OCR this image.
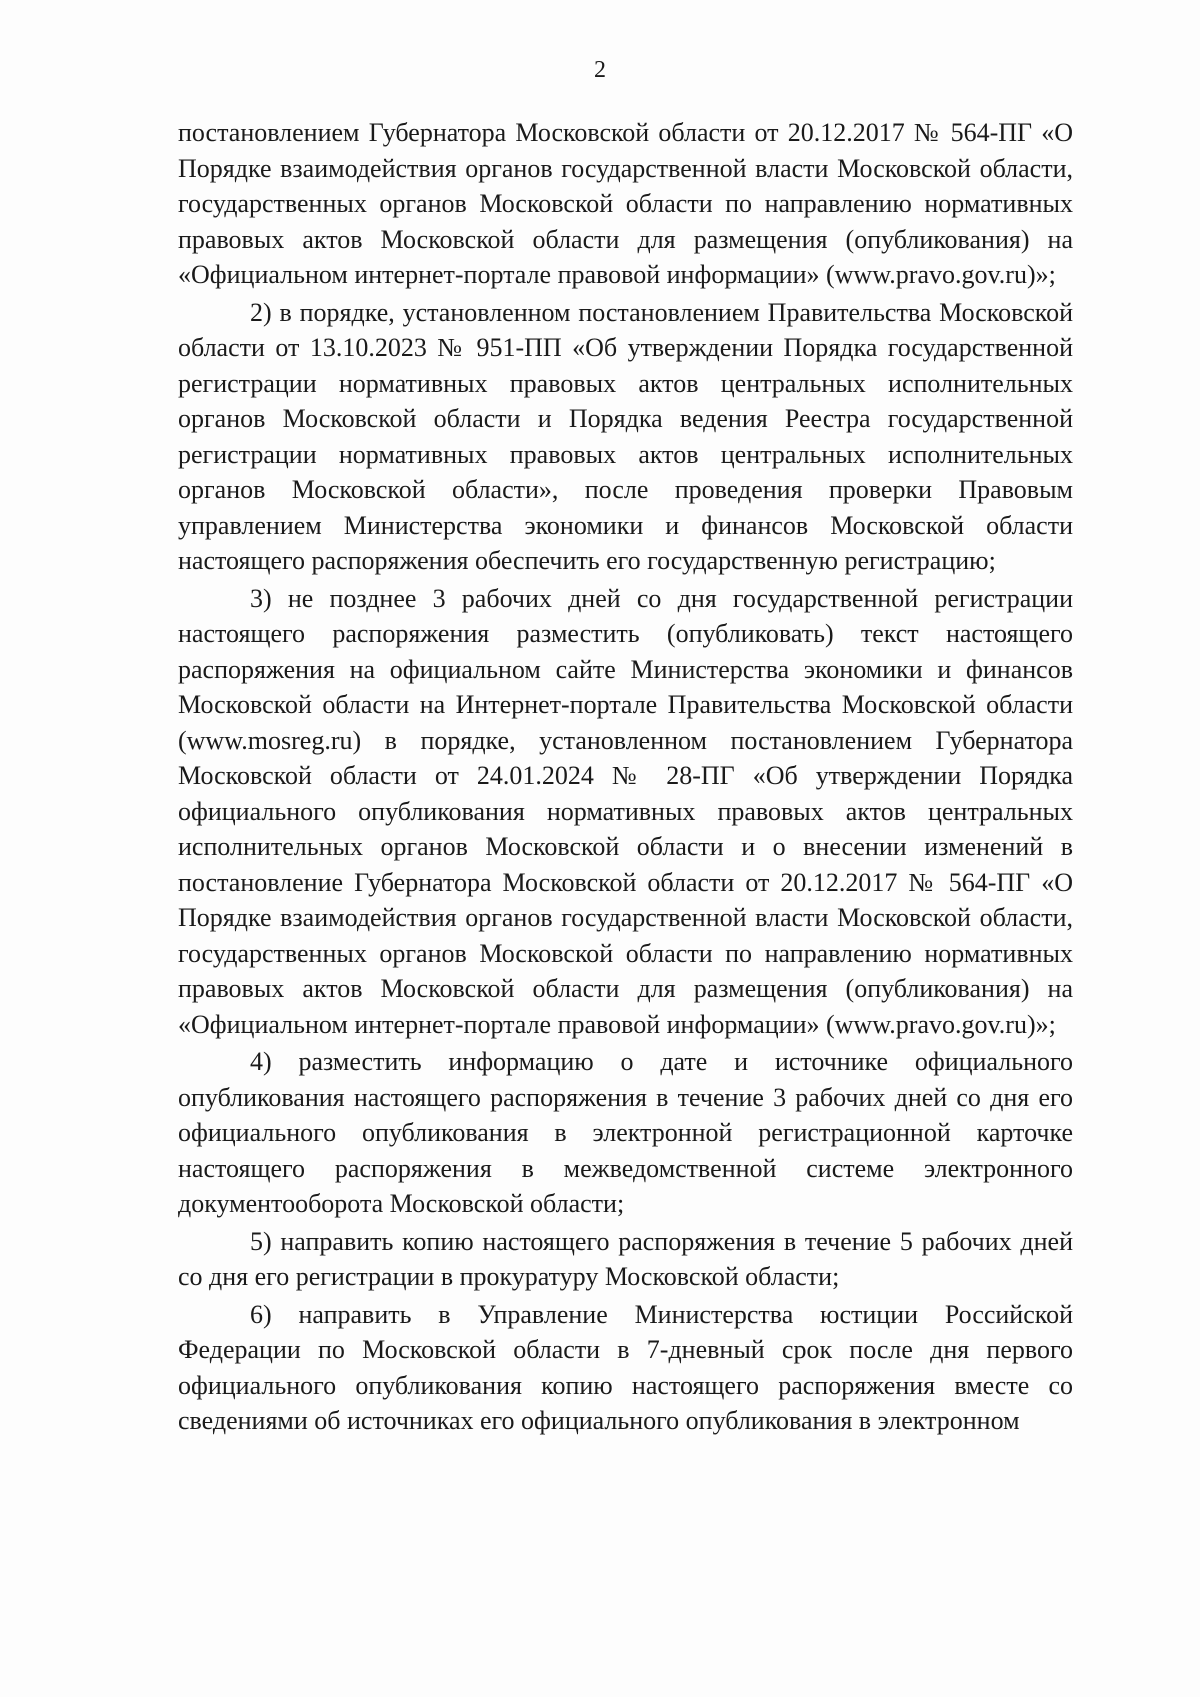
2

постановлением Губернатора Московской области от 20.12.2017 № 564-ПГ «О Порядке взаимодействия органов государственной власти Московской области, государственных органов Московской области по направлению нормативных правовых актов Московской области для размещения (опубликования) на «Официальном интернет-портале правовой информации» (www.pravo.gov.ru)»;

2) в порядке, установленном постановлением Правительства Московской области от 13.10.2023 № 951-ПП «Об утверждении Порядка государственной регистрации нормативных правовых актов центральных исполнительных органов Московской области и Порядка ведения Реестра государственной регистрации нормативных правовых актов центральных исполнительных органов Московской области», после проведения проверки Правовым управлением Министерства экономики и финансов Московской области настоящего распоряжения обеспечить его государственную регистрацию;

3) не позднее 3 рабочих дней со дня государственной регистрации настоящего распоряжения разместить (опубликовать) текст настоящего распоряжения на официальном сайте Министерства экономики и финансов Московской области на Интернет-портале Правительства Московской области (www.mosreg.ru) в порядке, установленном постановлением Губернатора Московской области от 24.01.2024 № 28-ПГ «Об утверждении Порядка официального опубликования нормативных правовых актов центральных исполнительных органов Московской области и о внесении изменений в постановление Губернатора Московской области от 20.12.2017 № 564-ПГ «О Порядке взаимодействия органов государственной власти Московской области, государственных органов Московской области по направлению нормативных правовых актов Московской области для размещения (опубликования) на «Официальном интернет-портале правовой информации» (www.pravo.gov.ru)»;

4) разместить информацию о дате и источнике официального опубликования настоящего распоряжения в течение 3 рабочих дней со дня его официального опубликования в электронной регистрационной карточке настоящего распоряжения в межведомственной системе электронного документооборота Московской области;

5) направить копию настоящего распоряжения в течение 5 рабочих дней со дня его регистрации в прокуратуру Московской области;

6) направить в Управление Министерства юстиции Российской Федерации по Московской области в 7-дневный срок после дня первого официального опубликования копию настоящего распоряжения вместе со сведениями об источниках его официального опубликования в электронном
